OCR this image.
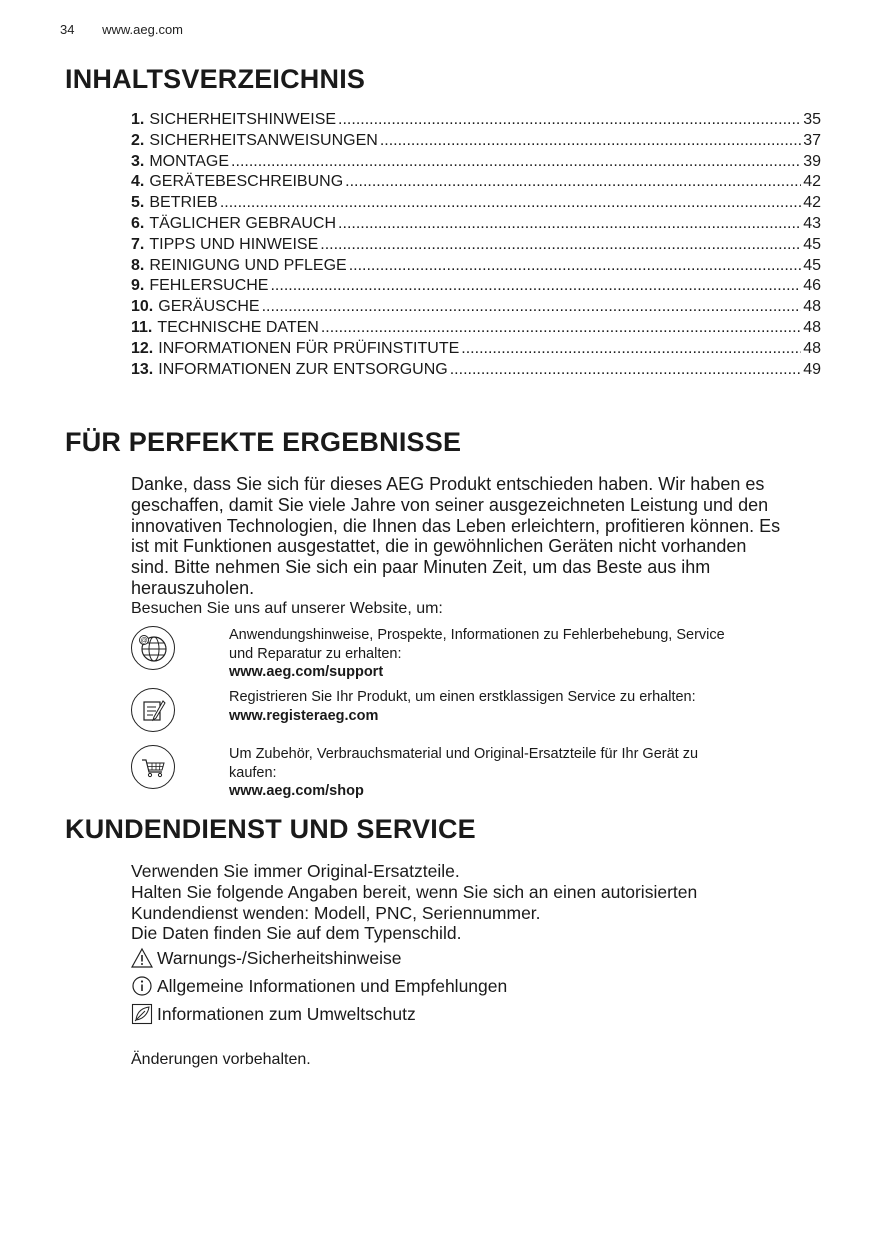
34 www.aeg.com
INHALTSVERZEICHNIS
1. SICHERHEITSHINWEISE .....	35
2. SICHERHEITSANWEISUNGEN .....	37
3. MONTAGE .....	39
4. GERÄTEBESCHREIBUNG .....	42
5. BETRIEB .....	42
6. TÄGLICHER GEBRAUCH .....	43
7. TIPPS UND HINWEISE .....	45
8. REINIGUNG UND PFLEGE .....	45
9. FEHLERSUCHE .....	46
10. GERÄUSCHE .....	48
11. TECHNISCHE DATEN .....	48
12. INFORMATIONEN FÜR PRÜFINSTITUTE .....	48
13. INFORMATIONEN ZUR ENTSORGUNG .....	49
FÜR PERFEKTE ERGEBNISSE
Danke, dass Sie sich für dieses AEG Produkt entschieden haben. Wir haben es
geschaffen, damit Sie viele Jahre von seiner ausgezeichneten Leistung und den
innovativen Technologien, die Ihnen das Leben erleichtern, profitieren können. Es
ist mit Funktionen ausgestattet, die in gewöhnlichen Geräten nicht vorhanden
sind. Bitte nehmen Sie sich ein paar Minuten Zeit, um das Beste aus ihm
herauszuholen.

Besuchen Sie uns auf unserer Website, um:

@	Anwendungshinweise, Prospekte, Informationen zu Fehlerbehebung, Service
und Reparatur zu erhalten:
www.aeg.com/support
Registrieren Sie Ihr Produkt, um einen erstklassigen Service zu erhalten:
www.registeraeg.com
Um Zubehör, Verbrauchsmaterial und Original-Ersatzteile für Ihr Gerät zu
kaufen:
www.aeg.com/shop
KUNDENDIENST UND SERVICE
Verwenden Sie immer Original-Ersatzteile.
Halten Sie folgende Angaben bereit, wenn Sie sich an einen autorisierten
Kundendienst wenden: Modell, PNC, Seriennummer.
Die Daten finden Sie auf dem Typenschild.
Warnungs-/Sicherheitshinweise
Allgemeine Informationen und Empfehlungen
Informationen zum Umweltschutz
Änderungen vorbehalten.
